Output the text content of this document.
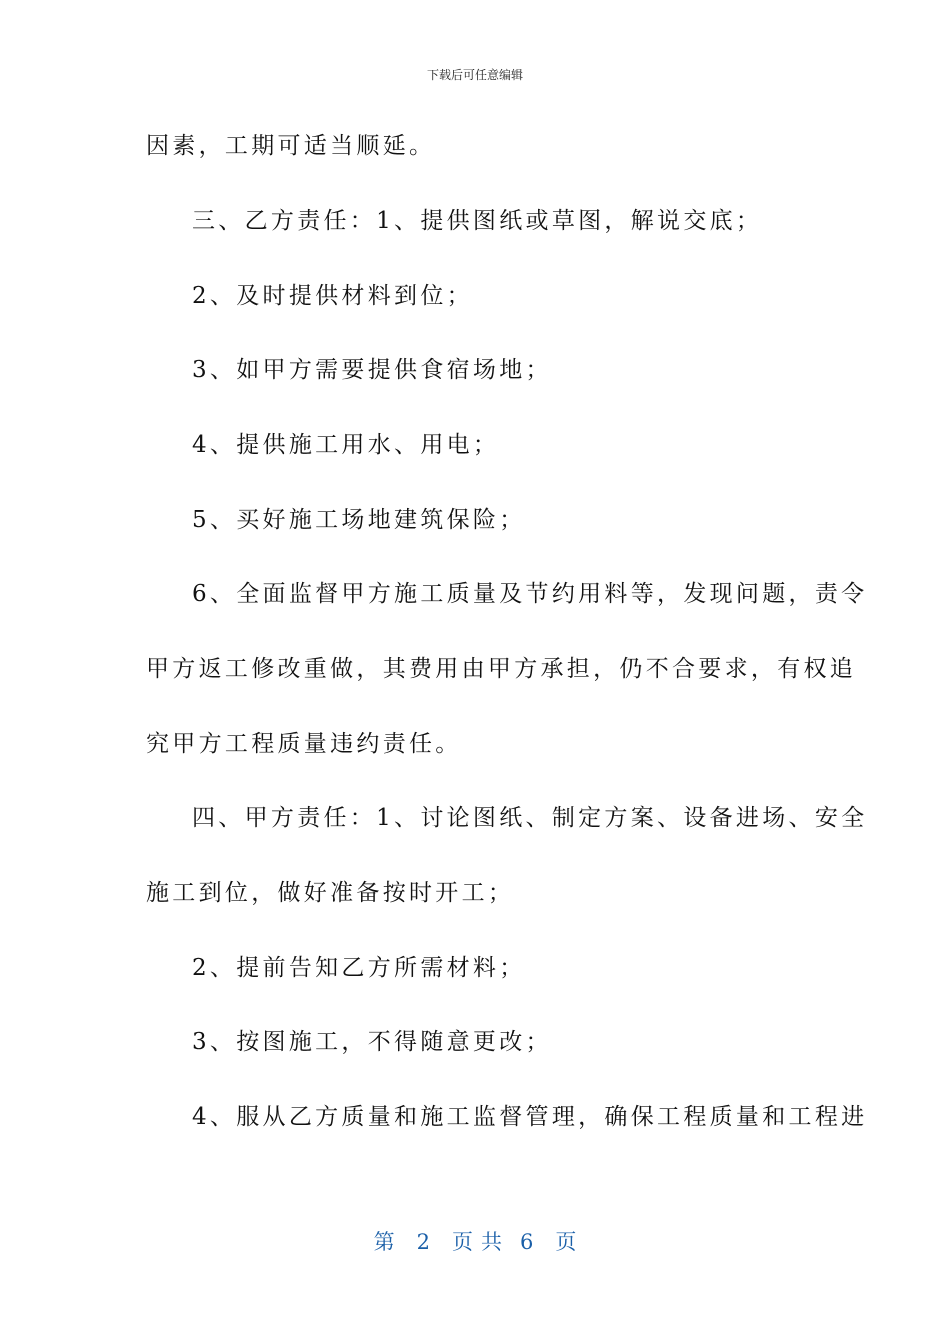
下载后可任意编辑
因素，工期可适当顺延。
三、乙方责任：1、提供图纸或草图，解说交底；
2、及时提供材料到位；
3、如甲方需要提供食宿场地；
4、提供施工用水、用电；
5、买好施工场地建筑保险；
6、全面监督甲方施工质量及节约用料等，发现问题，责令
甲方返工修改重做，其费用由甲方承担，仍不合要求，有权追
究甲方工程质量违约责任。
四、甲方责任：1、讨论图纸、制定方案、设备进场、安全
施工到位，做好准备按时开工；
2、提前告知乙方所需材料；
3、按图施工，不得随意更改；
4、服从乙方质量和施工监督管理，确保工程质量和工程进
第 2 页共 6 页
